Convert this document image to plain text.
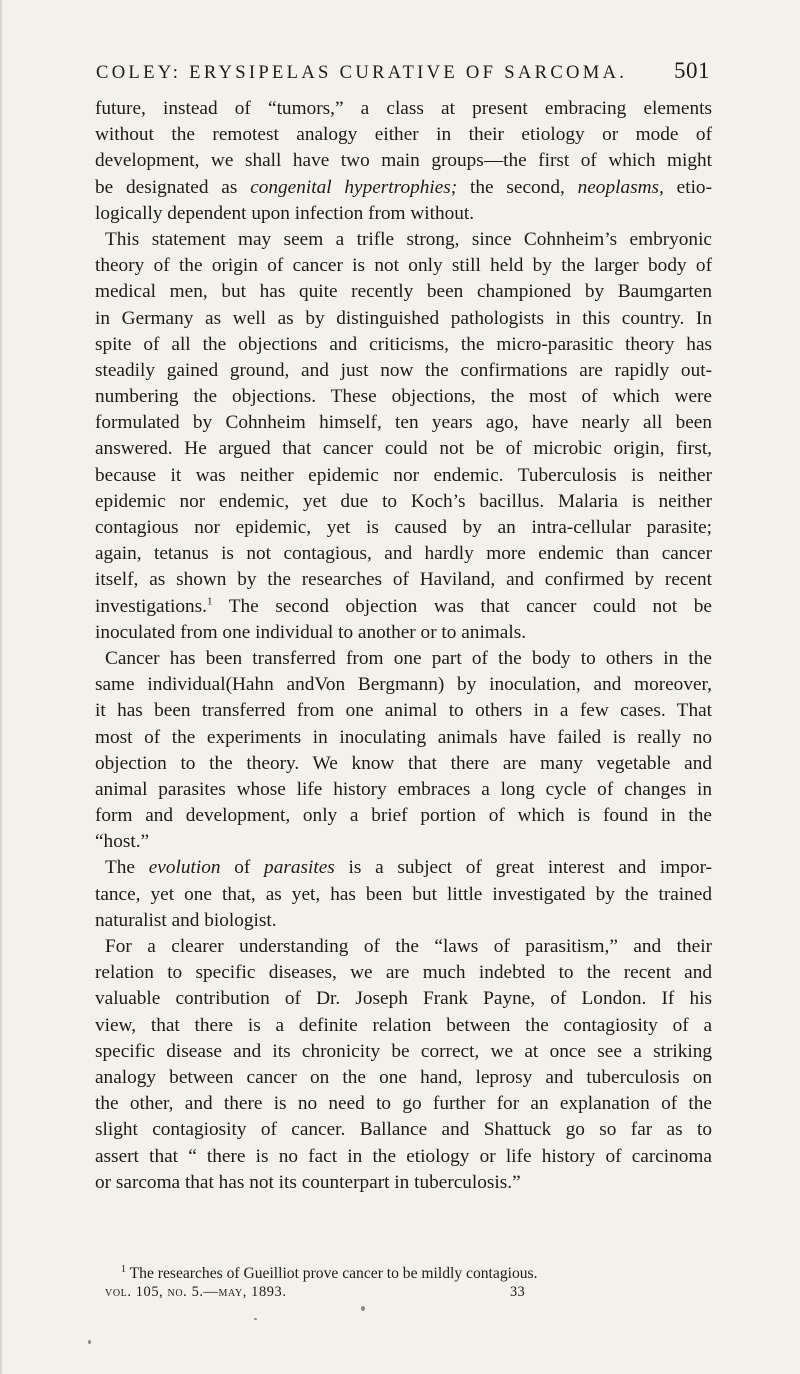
COLEY: ERYSIPELAS CURATIVE OF SARCOMA. 501
future, instead of “tumors,” a class at present embracing elements
without the remotest analogy either in their etiology or mode of
development, we shall have two main groups—the first of which might
be designated as congenital hypertrophies; the second, neoplasms, etio-
logically dependent upon infection from without.
This statement may seem a trifle strong, since Cohnheim’s embryonic
theory of the origin of cancer is not only still held by the larger body of
medical men, but has quite recently been championed by Baumgarten
in Germany as well as by distinguished pathologists in this country. In
spite of all the objections and criticisms, the micro-parasitic theory has
steadily gained ground, and just now the confirmations are rapidly out-
numbering the objections. These objections, the most of which were
formulated by Cohnheim himself, ten years ago, have nearly all been
answered. He argued that cancer could not be of microbic origin, first,
because it was neither epidemic nor endemic. Tuberculosis is neither
epidemic nor endemic, yet due to Koch’s bacillus. Malaria is neither
contagious nor epidemic, yet is caused by an intra-cellular parasite;
again, tetanus is not contagious, and hardly more endemic than cancer
itself, as shown by the researches of Haviland, and confirmed by recent
investigations.$^1$ The second objection was that cancer could not be
inoculated from one individual to another or to animals.
Cancer has been transferred from one part of the body to others in the
same individual(Hahn andVon Bergmann) by inoculation, and moreover,
it has been transferred from one animal to others in a few cases. That
most of the experiments in inoculating animals have failed is really no
objection to the theory. We know that there are many vegetable and
animal parasites whose life history embraces a long cycle of changes in
form and development, only a brief portion of which is found in the
“host.”
The evolution of parasites is a subject of great interest and impor-
tance, yet one that, as yet, has been but little investigated by the trained
naturalist and biologist.
For a clearer understanding of the “laws of parasitism,” and their
relation to specific diseases, we are much indebted to the recent and
valuable contribution of Dr. Joseph Frank Payne, of London. If his
view, that there is a definite relation between the contagiosity of a
specific disease and its chronicity be correct, we at once see a striking
analogy between cancer on the one hand, leprosy and tuberculosis on
the other, and there is no need to go further for an explanation of the
slight contagiosity of cancer. Ballance and Shattuck go so far as to
assert that “ there is no fact in the etiology or life history of carcinoma
or sarcoma that has not its counterpart in tuberculosis.”
$^1$ The researches of Gueilliot prove cancer to be mildly contagious.
vol. 105, no. 5.—may, 1893.	33
